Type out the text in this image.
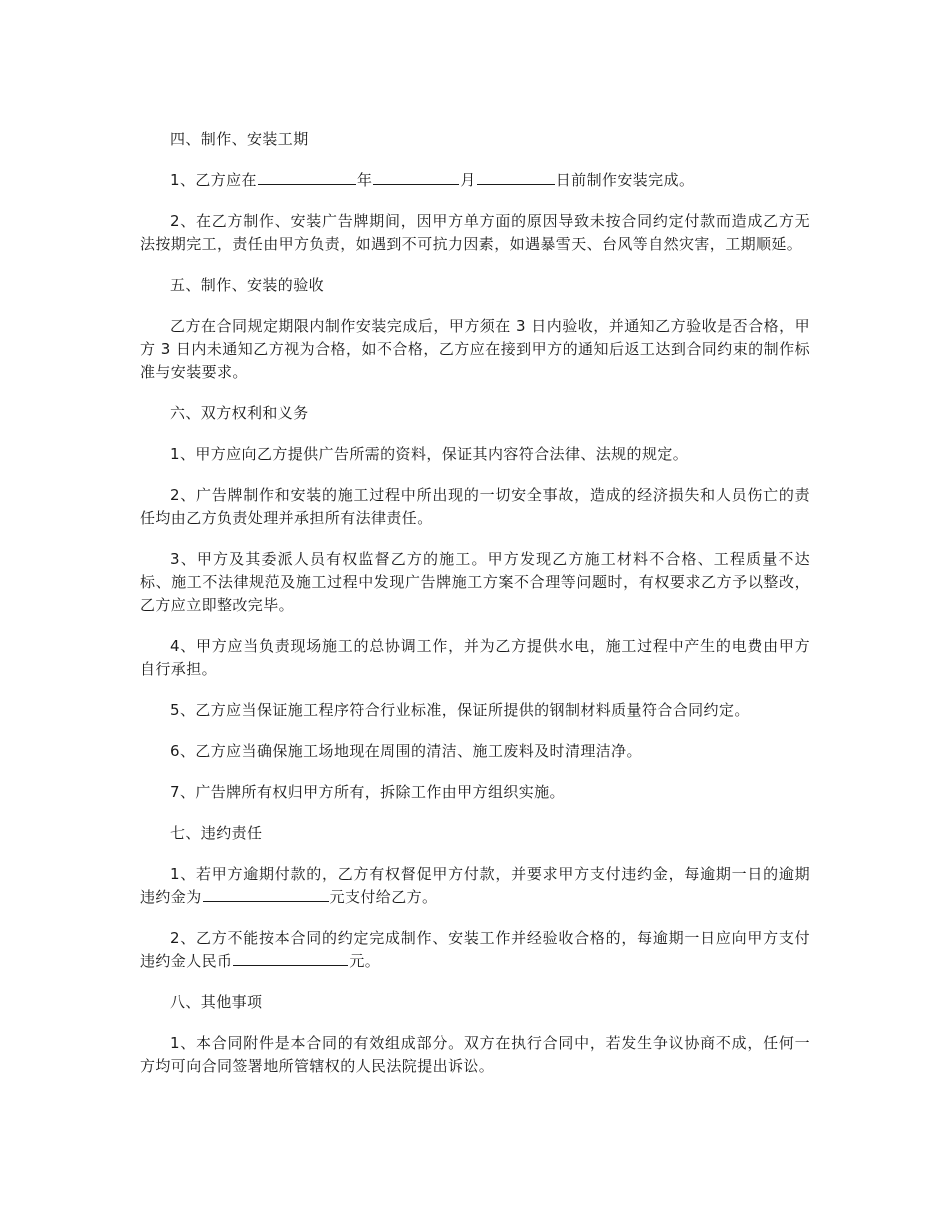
四、制作、安装工期
1、乙方应在	年	月	日前制作安装完成。
2、在乙方制作、安装广告牌期间，因甲方单方面的原因导致未按合同约定付款而造成乙方无法按期完工，责任由甲方负责，如遇到不可抗力因素，如遇暴雪天、台风等自然灾害，工期顺延。
五、制作、安装的验收
乙方在合同规定期限内制作安装完成后，甲方须在 3 日内验收，并通知乙方验收是否合格，甲方 3 日内未通知乙方视为合格，如不合格，乙方应在接到甲方的通知后返工达到合同约束的制作标准与安装要求。
六、双方权利和义务
1、甲方应向乙方提供广告所需的资料，保证其内容符合法律、法规的规定。
2、广告牌制作和安装的施工过程中所出现的一切安全事故，造成的经济损失和人员伤亡的责任均由乙方负责处理并承担所有法律责任。
3、甲方及其委派人员有权监督乙方的施工。甲方发现乙方施工材料不合格、工程质量不达标、施工不法律规范及施工过程中发现广告牌施工方案不合理等问题时，有权要求乙方予以整改，乙方应立即整改完毕。
4、甲方应当负责现场施工的总协调工作，并为乙方提供水电，施工过程中产生的电费由甲方自行承担。
5、乙方应当保证施工程序符合行业标准，保证所提供的钢制材料质量符合合同约定。
6、乙方应当确保施工场地现在周围的清洁、施工废料及时清理洁净。
7、广告牌所有权归甲方所有，拆除工作由甲方组织实施。
七、违约责任
1、若甲方逾期付款的，乙方有权督促甲方付款，并要求甲方支付违约金，每逾期一日的逾期违约金为	元支付给乙方。
2、乙方不能按本合同的约定完成制作、安装工作并经验收合格的，每逾期一日应向甲方支付违约金人民币	元。
八、其他事项
1、本合同附件是本合同的有效组成部分。双方在执行合同中，若发生争议协商不成，任何一方均可向合同签署地所管辖权的人民法院提出诉讼。
